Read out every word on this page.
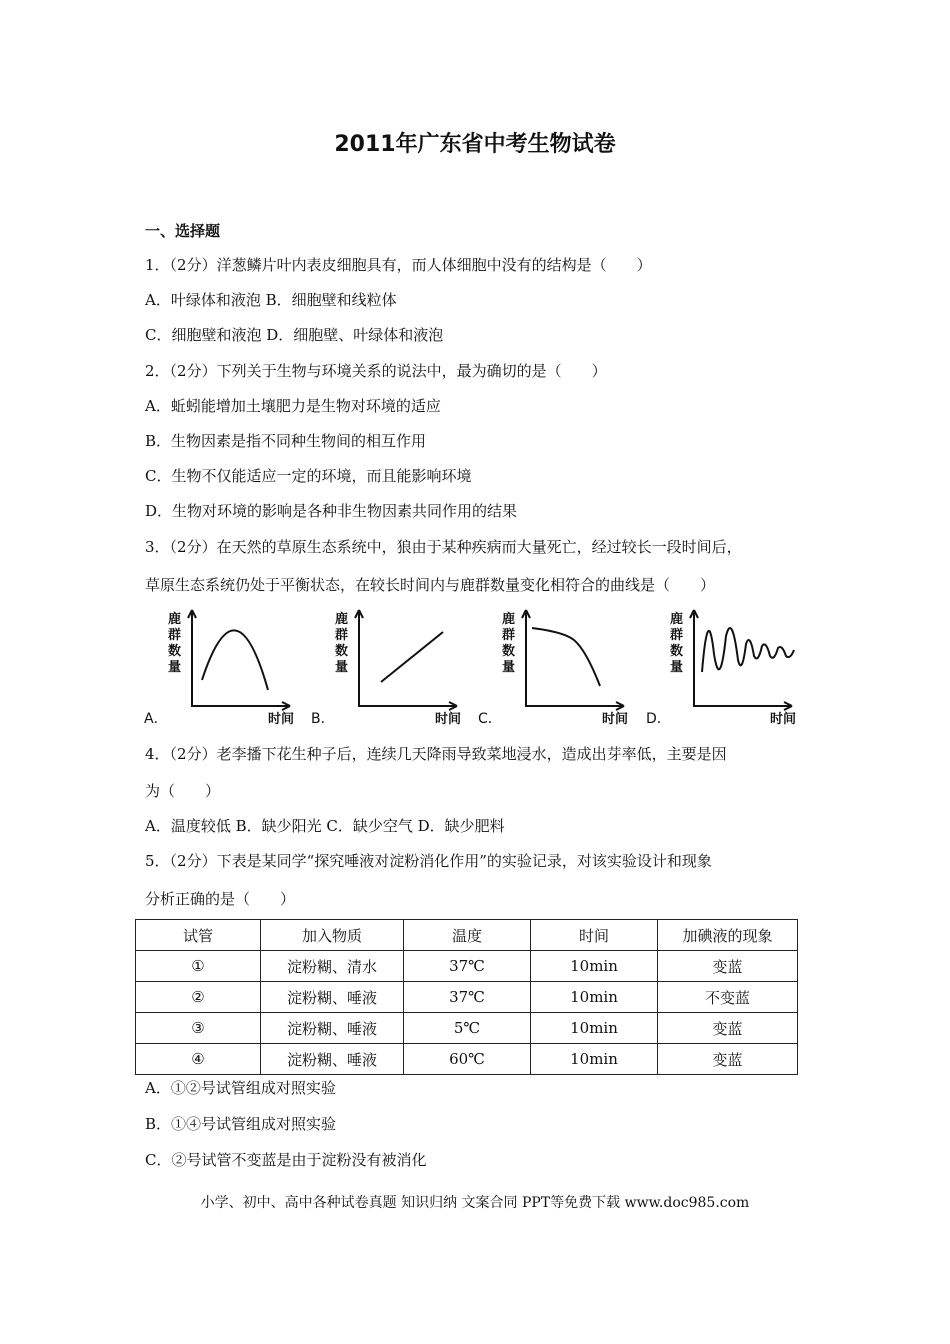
2011年广东省中考生物试卷
一、选择题
1．（2分）洋葱鳞片叶内表皮细胞具有，而人体细胞中没有的结构是（　　）
A．叶绿体和液泡 B．细胞壁和线粒体
C．细胞壁和液泡 D．细胞壁、叶绿体和液泡
2．（2分）下列关于生物与环境关系的说法中，最为确切的是（　　）
A．蚯蚓能增加土壤肥力是生物对环境的适应
B．生物因素是指不同种生物间的相互作用
C．生物不仅能适应一定的环境，而且能影响环境
D．生物对环境的影响是各种非生物因素共同作用的结果
3．（2分）在天然的草原生态系统中，狼由于某种疾病而大量死亡，经过较长一段时间后，
草原生态系统仍处于平衡状态，在较长时间内与鹿群数量变化相符合的曲线是（　　）
鹿群数量
时间
A．
鹿群数量
时间
B．
鹿群数量
时间
C．
鹿群数量
时间
D．
4．（2分）老李播下花生种子后，连续几天降雨导致菜地浸水，造成出芽率低，主要是因
为（　　）
A．温度较低 B．缺少阳光 C．缺少空气 D．缺少肥料
5．（2分）下表是某同学“探究唾液对淀粉消化作用”的实验记录，对该实验设计和现象
分析正确的是（　　）
试管	加入物质	温度	时间	加碘液的现象
①	淀粉糊、清水	37℃	10min	变蓝
②	淀粉糊、唾液	37℃	10min	不变蓝
③	淀粉糊、唾液	5℃	10min	变蓝
④	淀粉糊、唾液	60℃	10min	变蓝
A．①②号试管组成对照实验
B．①④号试管组成对照实验
C．②号试管不变蓝是由于淀粉没有被消化
小学、初中、高中各种试卷真题 知识归纳 文案合同 PPT等免费下载 www.doc985.com
